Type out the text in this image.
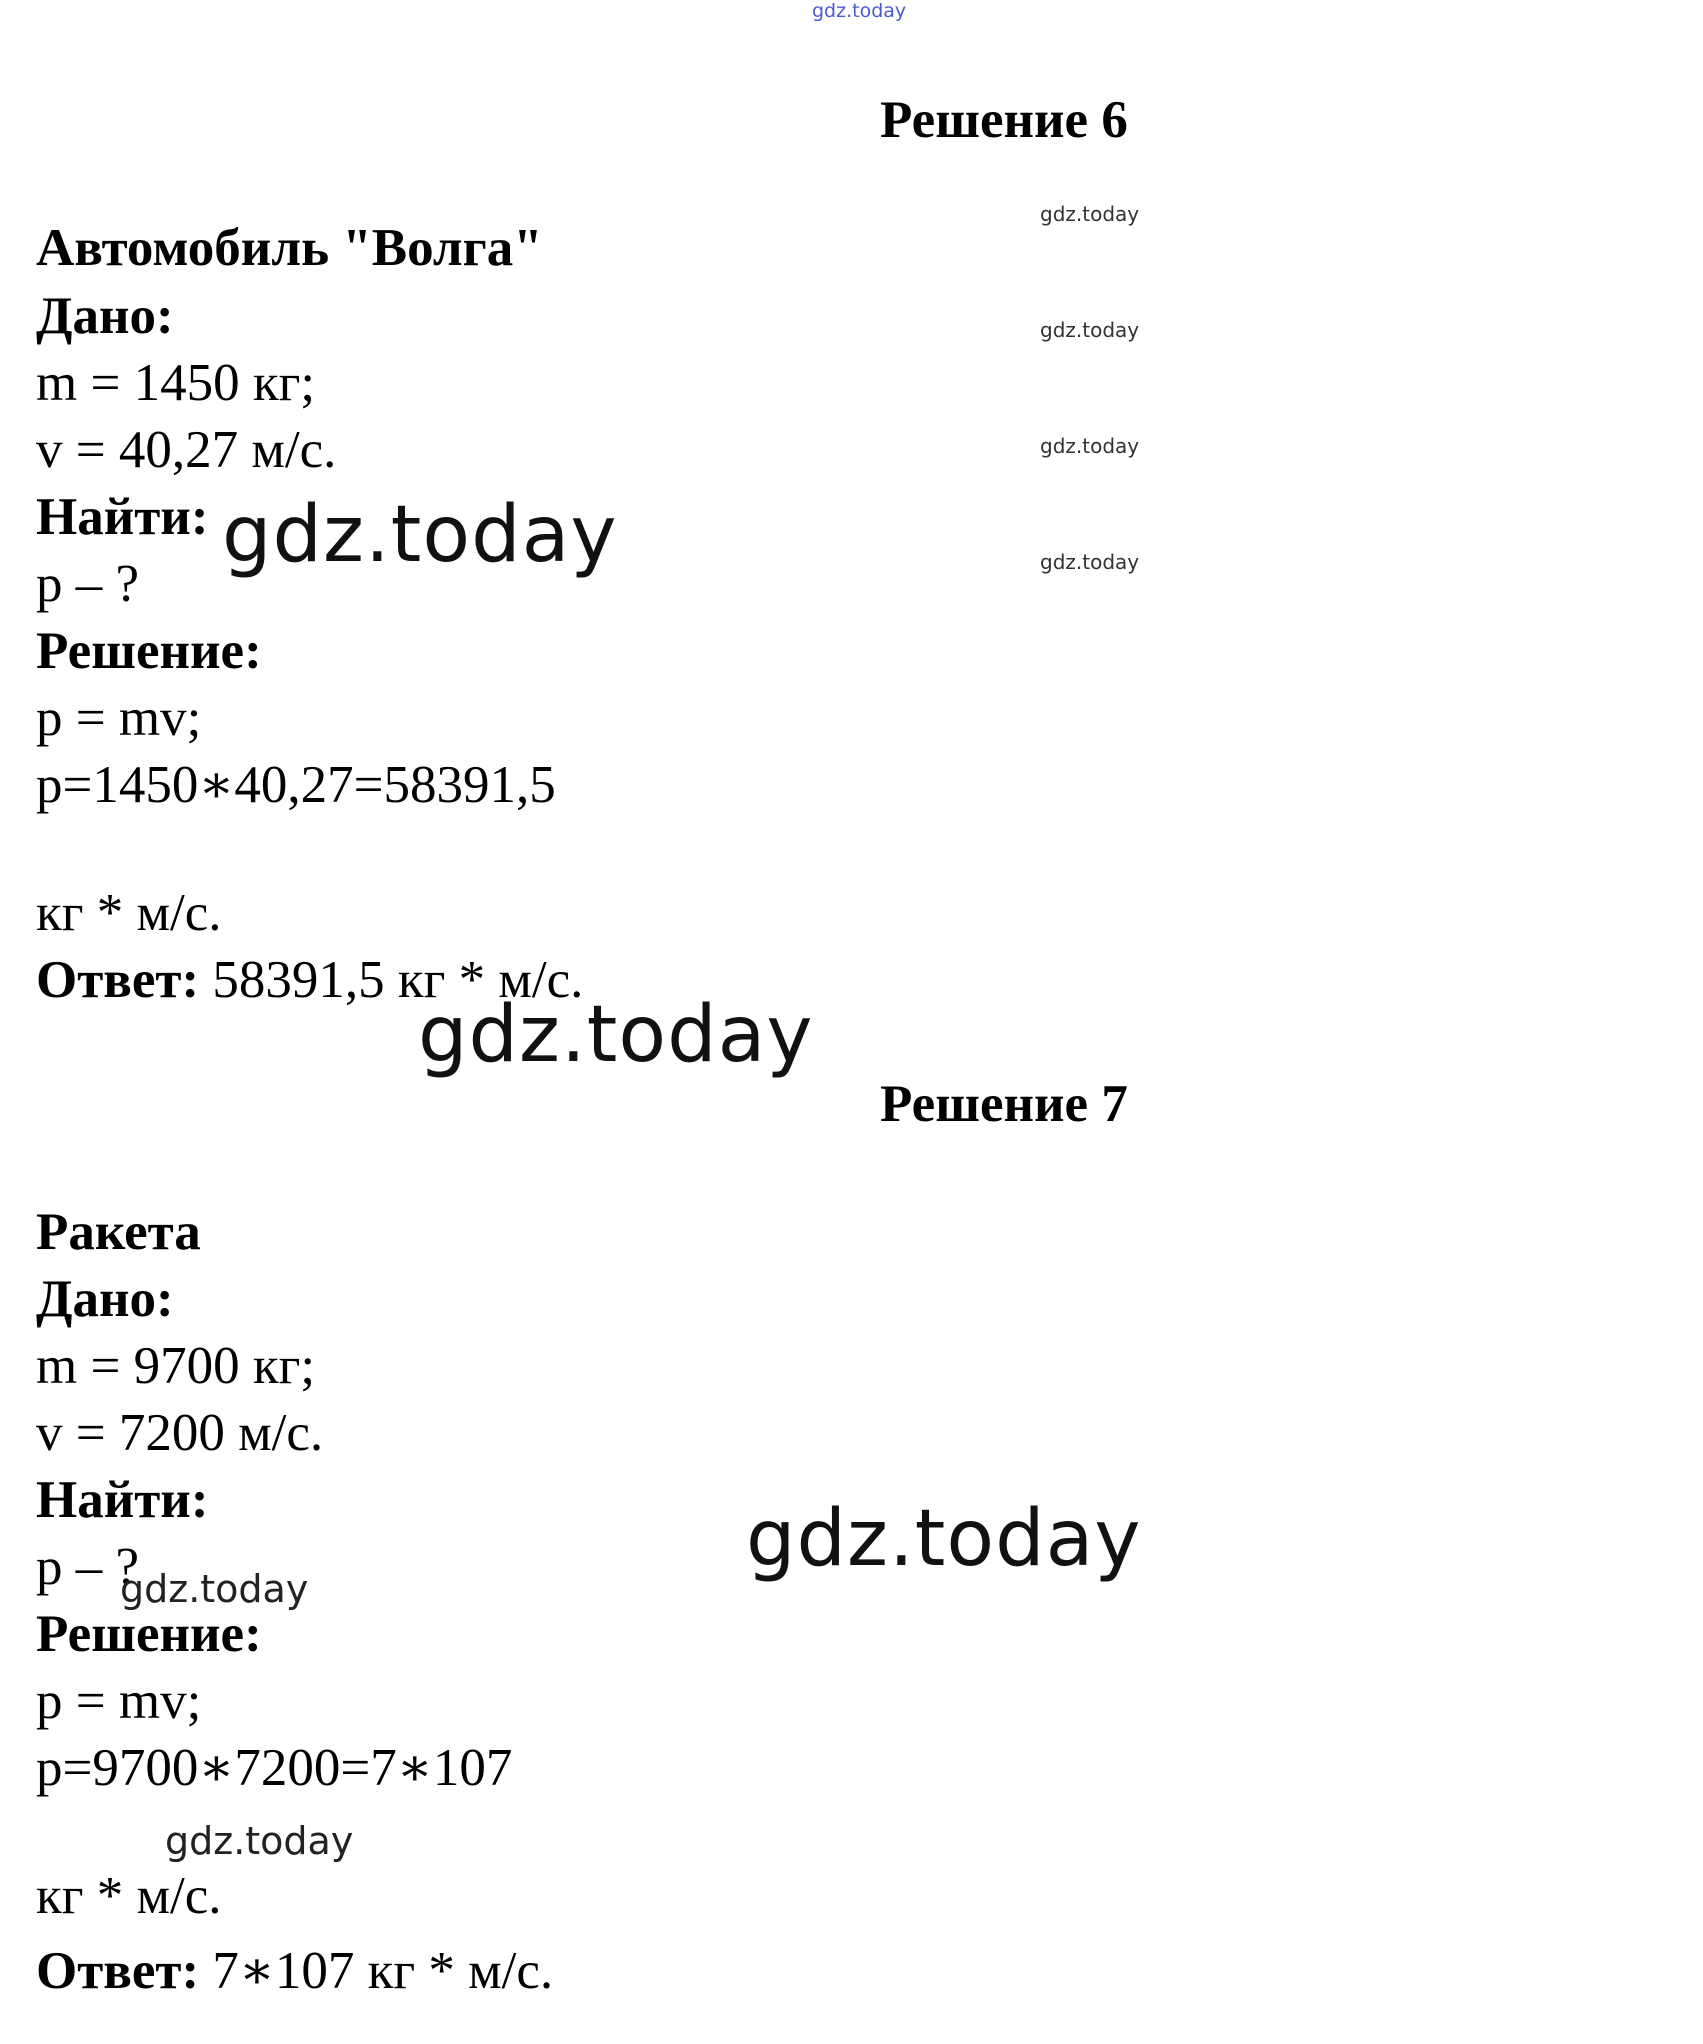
gdz.today
Решение 6
Автомобиль "Волга"
Дано:
m = 1450 кг;
v = 40,27 м/с.
Найти:
p – ?
Решение:
p = mv;
p=1450∗40,27=58391,5
кг * м/с.
Ответ: 58391,5 кг * м/с.
Решение 7
Ракета
Дано:
m = 9700 кг;
v = 7200 м/с.
Найти:
p – ?
Решение:
p = mv;
p=9700∗7200=7∗107
кг * м/с.
Ответ: 7∗107 кг * м/с.
gdz.today
gdz.today
gdz.today
gdz.today
gdz.today
gdz.today
gdz.today
gdz.today
gdz.today
